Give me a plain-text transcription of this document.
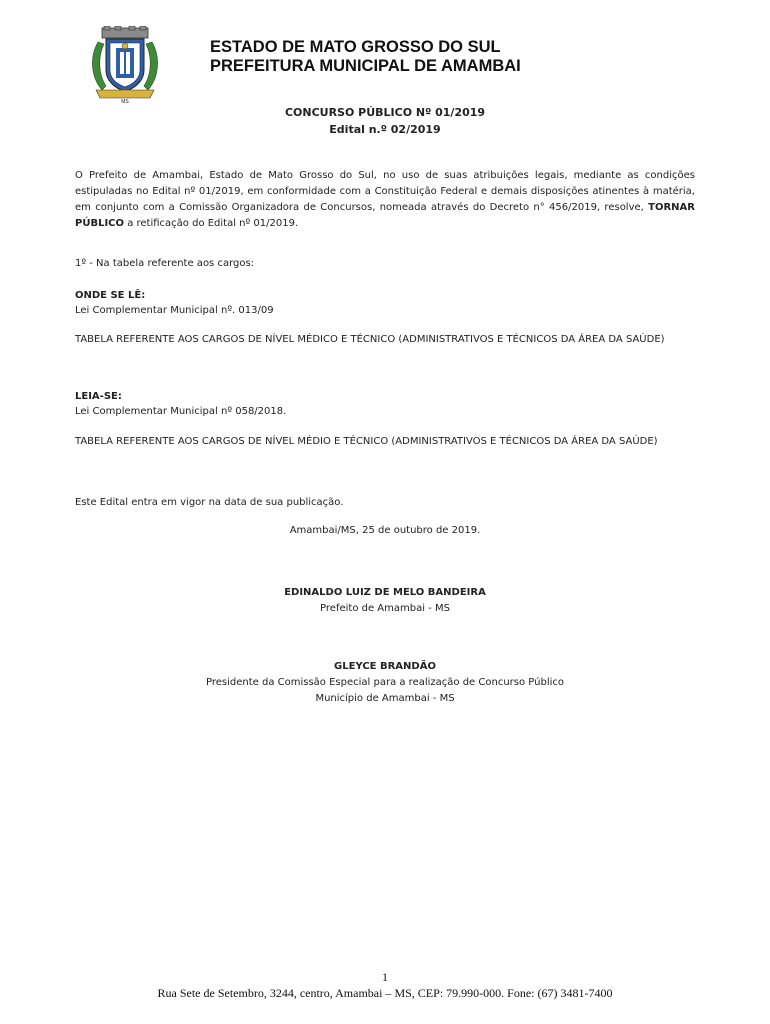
MS
ESTADO DE MATO GROSSO DO SUL
PREFEITURA MUNICIPAL DE AMAMBAI
CONCURSO PÚBLICO Nº 01/2019
Edital n.º 02/2019
O Prefeito de Amambai, Estado de Mato Grosso do Sul, no uso de suas atribuições legais, mediante as condições estipuladas no Edital nº 01/2019, em conformidade com a Constituição Federal e demais disposições atinentes à matéria, em conjunto com a Comissão Organizadora de Concursos, nomeada através do Decreto n° 456/2019, resolve, TORNAR PÚBLICO a retificação do Edital nº 01/2019.
1º - Na tabela referente aos cargos:
ONDE SE LÊ:
Lei Complementar Municipal nº. 013/09
TABELA REFERENTE AOS CARGOS DE NÍVEL MÉDICO E TÉCNICO (ADMINISTRATIVOS E TÉCNICOS DA ÁREA DA SAÚDE)
LEIA-SE:
Lei Complementar Municipal nº 058/2018.
TABELA REFERENTE AOS CARGOS DE NÍVEL MÉDIO E TÉCNICO (ADMINISTRATIVOS E TÉCNICOS DA ÁREA DA SAÚDE)
Este Edital entra em vigor na data de sua publicação.
Amambai/MS, 25 de outubro de 2019.
EDINALDO LUIZ DE MELO BANDEIRA
Prefeito de Amambai - MS
GLEYCE BRANDÃO
Presidente da Comissão Especial para a realização de Concurso Público
Município de Amambai - MS
1
Rua Sete de Setembro, 3244, centro, Amambai – MS, CEP: 79.990-000. Fone: (67) 3481-7400
